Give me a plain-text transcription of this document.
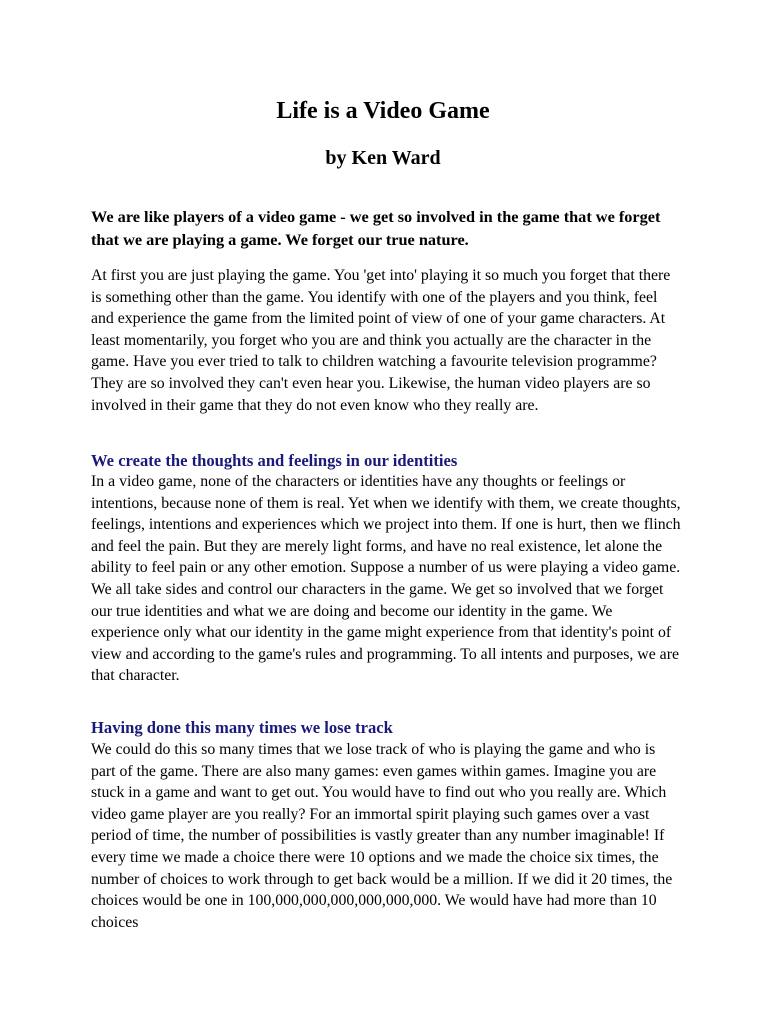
Life is a Video Game
by Ken Ward

We are like players of a video game - we get so involved in the game that we forget that we are playing a game. We forget our true nature.

At first you are just playing the game. You 'get into' playing it so much you forget that there is something other than the game. You identify with one of the players and you think, feel and experience the game from the limited point of view of one of your game characters. At least momentarily, you forget who you are and think you actually are the character in the game. Have you ever tried to talk to children watching a favourite television programme? They are so involved they can't even hear you. Likewise, the human video players are so involved in their game that they do not even know who they really are.

We create the thoughts and feelings in our identities

In a video game, none of the characters or identities have any thoughts or feelings or intentions, because none of them is real. Yet when we identify with them, we create thoughts, feelings, intentions and experiences which we project into them. If one is hurt, then we flinch and feel the pain. But they are merely light forms, and have no real existence, let alone the ability to feel pain or any other emotion. Suppose a number of us were playing a video game. We all take sides and control our characters in the game. We get so involved that we forget our true identities and what we are doing and become our identity in the game. We experience only what our identity in the game might experience from that identity's point of view and according to the game's rules and programming. To all intents and purposes, we are that character.

Having done this many times we lose track

We could do this so many times that we lose track of who is playing the game and who is part of the game. There are also many games: even games within games. Imagine you are stuck in a game and want to get out. You would have to find out who you really are. Which video game player are you really? For an immortal spirit playing such games over a vast period of time, the number of possibilities is vastly greater than any number imaginable! If every time we made a choice there were 10 options and we made the choice six times, the number of choices to work through to get back would be a million. If we did it 20 times, the choices would be one in 100,000,000,000,000,000,000. We would have had more than 10 choices
